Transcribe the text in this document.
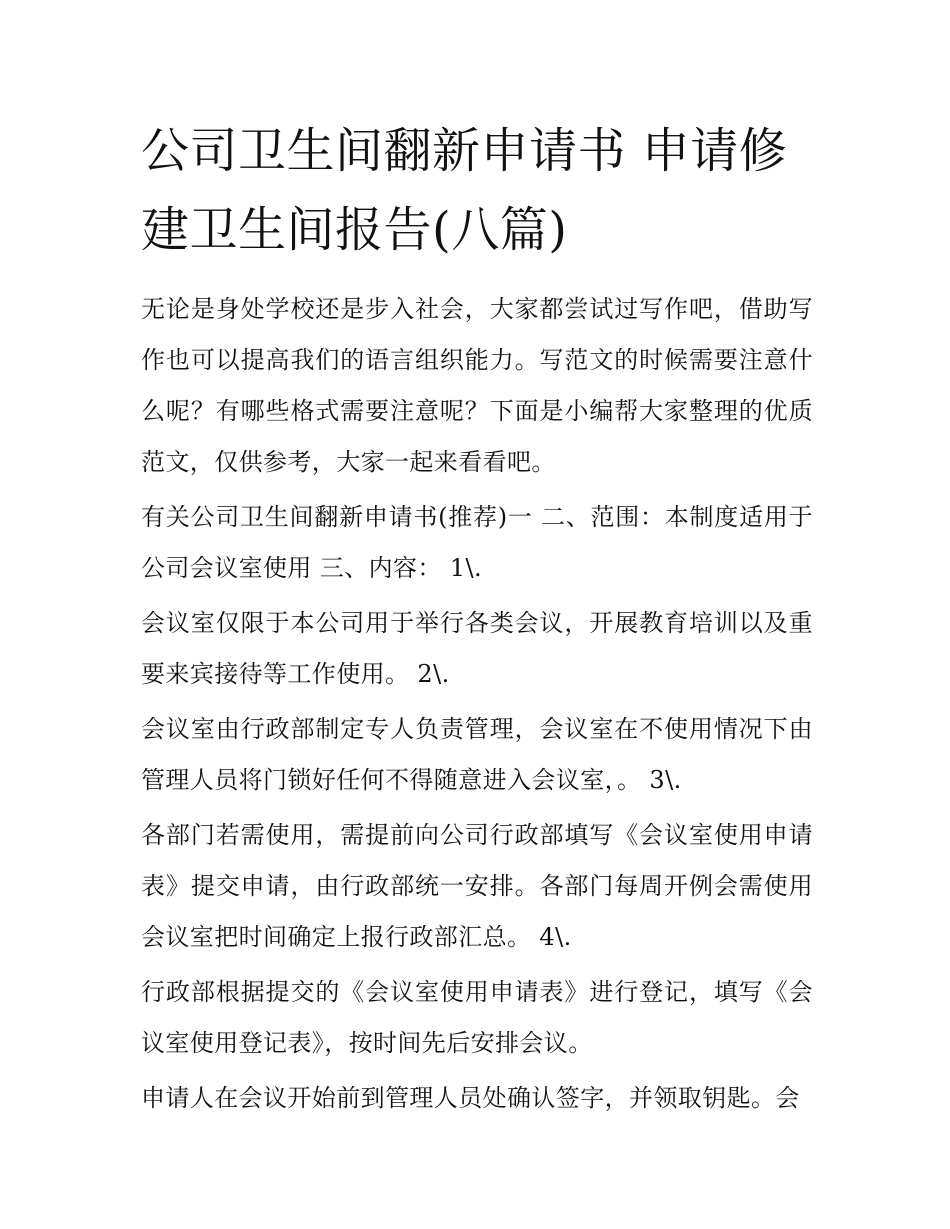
公司卫生间翻新申请书 申请修建卫生间报告(八篇)

无论是身处学校还是步入社会，大家都尝试过写作吧，借助写作也可以提高我们的语言组织能力。写范文的时候需要注意什么呢？有哪些格式需要注意呢？下面是小编帮大家整理的优质范文，仅供参考，大家一起来看看吧。

有关公司卫生间翻新申请书(推荐)一 二、范围：本制度适用于公司会议室使用 三、内容： 1\.

会议室仅限于本公司用于举行各类会议，开展教育培训以及重要来宾接待等工作使用。 2\.

会议室由行政部制定专人负责管理，会议室在不使用情况下由管理人员将门锁好任何不得随意进入会议室，。 3\.

各部门若需使用，需提前向公司行政部填写《会议室使用申请表》提交申请，由行政部统一安排。各部门每周开例会需使用会议室把时间确定上报行政部汇总。 4\.

行政部根据提交的《会议室使用申请表》进行登记，填写《会议室使用登记表》，按时间先后安排会议。

申请人在会议开始前到管理人员处确认签字，并领取钥匙。会
